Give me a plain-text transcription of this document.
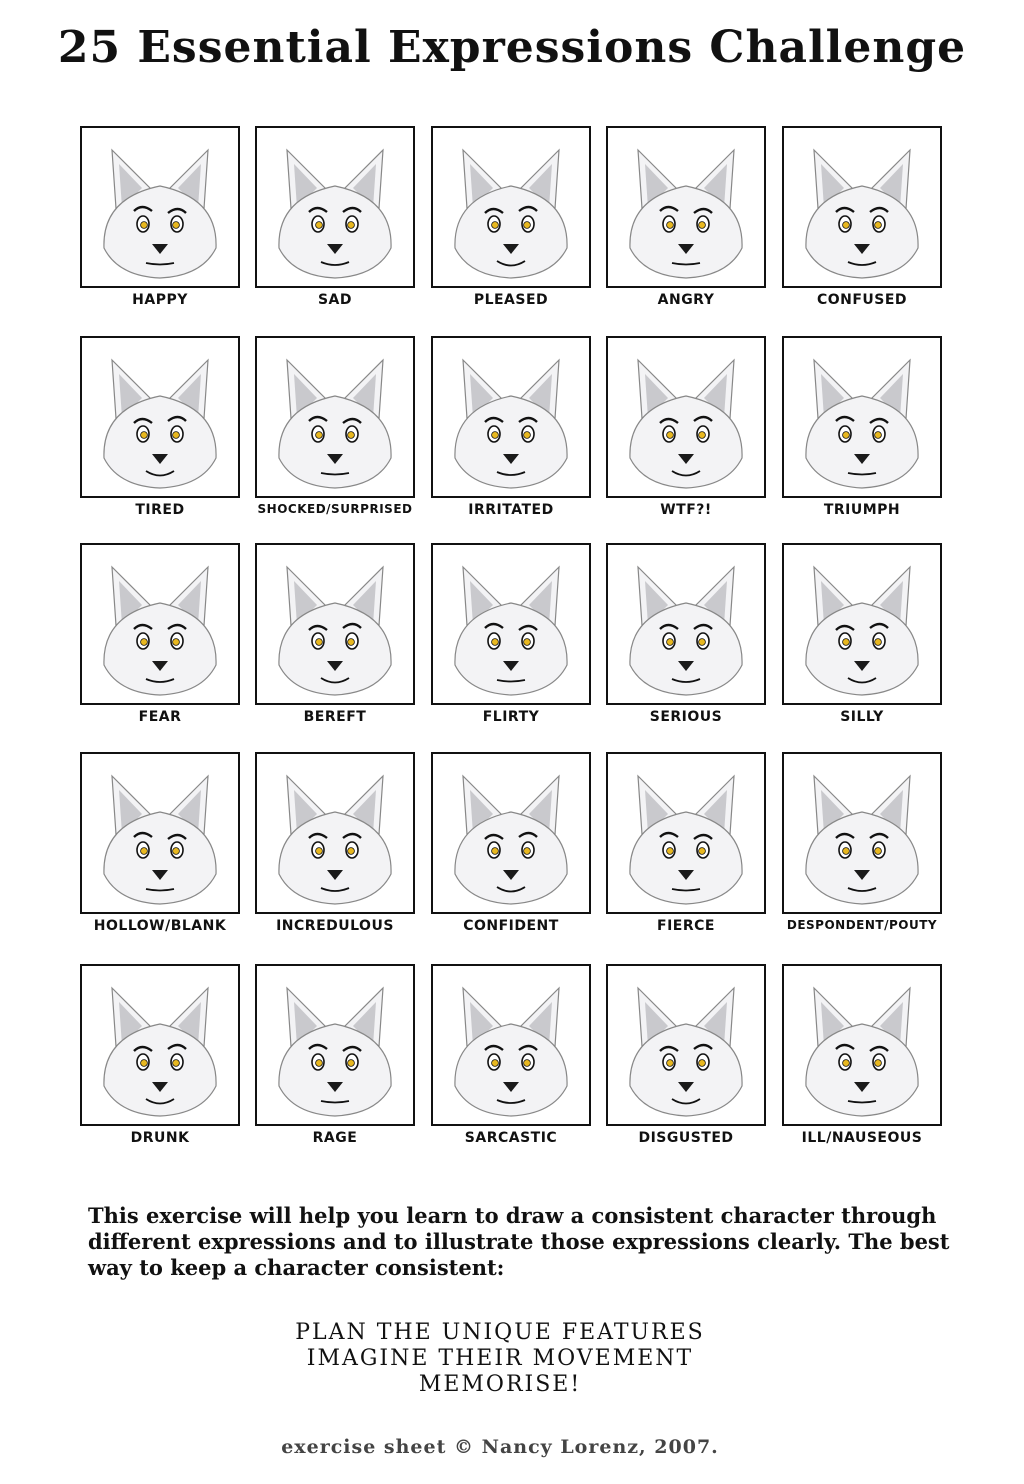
25 Essential Expressions Challenge
HAPPY	SAD	PLEASED	ANGRY	CONFUSED
TIRED	SHOCKED/SURPRISED	IRRITATED	WTF?!	TRIUMPH
FEAR	BEREFT	FLIRTY	SERIOUS	SILLY
HOLLOW/BLANK	INCREDULOUS	CONFIDENT	FIERCE	DESPONDENT/POUTY
DRUNK	RAGE	SARCASTIC	DISGUSTED	ILL/NAUSEOUS
This exercise will help you learn to draw a consistent character through different expressions and to illustrate those expressions clearly. The best way to keep a character consistent:
PLAN THE UNIQUE FEATURES
IMAGINE THEIR MOVEMENT
MEMORISE!
exercise sheet © Nancy Lorenz, 2007.
